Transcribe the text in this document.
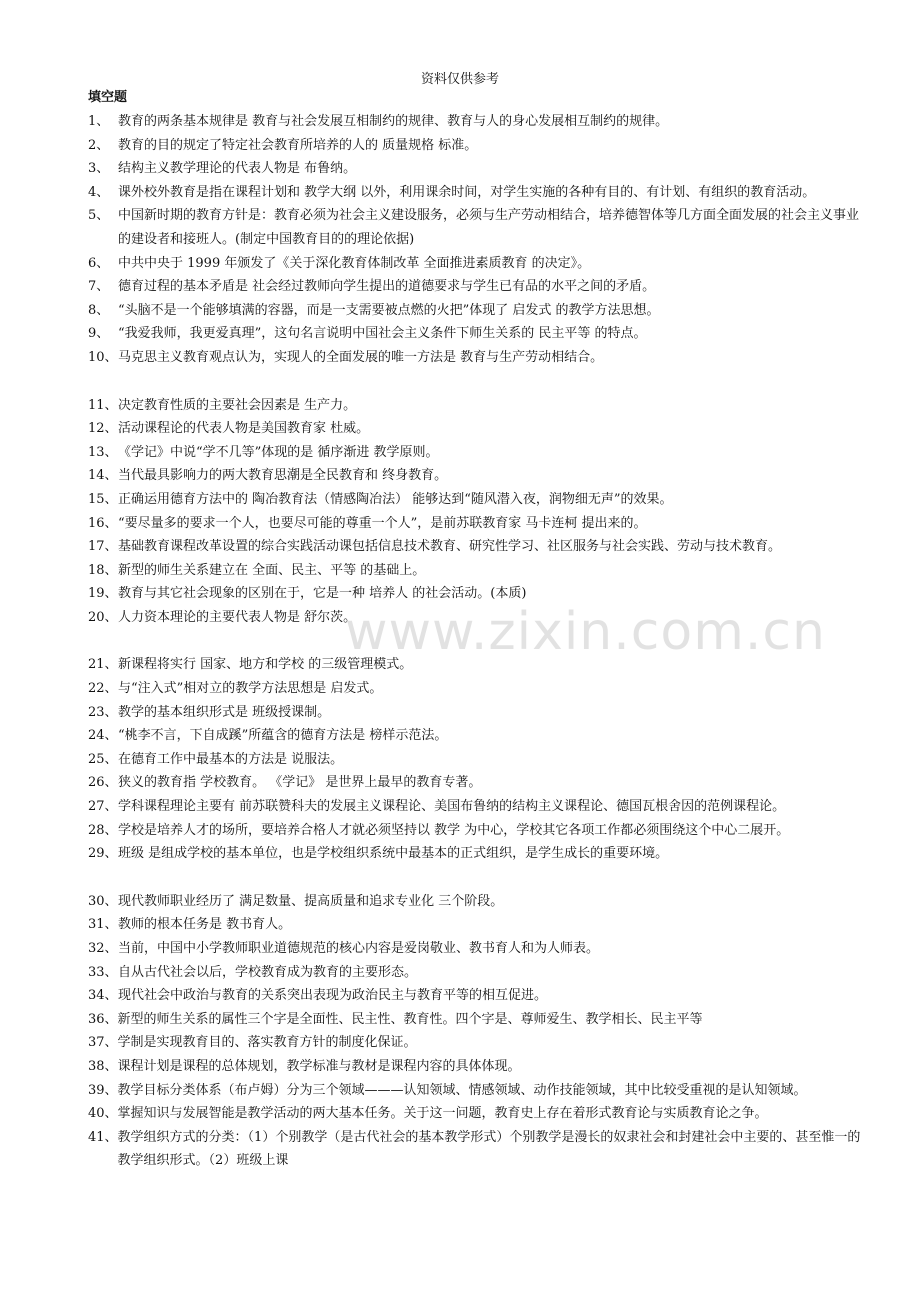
资料仅供参考
www.zixin.com.cn
填空题
1、 教育的两条基本规律是 教育与社会发展互相制约的规律、教育与人的身心发展相互制约的规律。
2、 教育的目的规定了特定社会教育所培养的人的 质量规格 标准。
3、 结构主义教学理论的代表人物是 布鲁纳。
4、 课外校外教育是指在课程计划和 教学大纲 以外，利用课余时间，对学生实施的各种有目的、有计划、有组织的教育活动。
5、 中国新时期的教育方针是：教育必须为社会主义建设服务，必须与生产劳动相结合，培养德智体等几方面全面发展的社会主义事业的建设者和接班人。(制定中国教育目的的理论依据)
6、 中共中央于 1999 年颁发了《关于深化教育体制改革 全面推进素质教育 的决定》。
7、 德育过程的基本矛盾是 社会经过教师向学生提出的道德要求与学生已有品的水平之间的矛盾。
8、 “头脑不是一个能够填满的容器，而是一支需要被点燃的火把”体现了 启发式 的教学方法思想。
9、 “我爱我师，我更爱真理”，这句名言说明中国社会主义条件下师生关系的 民主平等 的特点。
10、 马克思主义教育观点认为，实现人的全面发展的唯一方法是 教育与生产劳动相结合。
11、 决定教育性质的主要社会因素是 生产力。
12、 活动课程论的代表人物是美国教育家 杜威。
13、 《学记》中说“学不几等”体现的是 循序渐进 教学原则。
14、 当代最具影响力的两大教育思潮是全民教育和 终身教育。
15、 正确运用德育方法中的 陶冶教育法（情感陶冶法） 能够达到“随风潜入夜，润物细无声”的效果。
16、 “要尽量多的要求一个人，也要尽可能的尊重一个人”，是前苏联教育家 马卡连柯 提出来的。
17、 基础教育课程改革设置的综合实践活动课包括信息技术教育、研究性学习、社区服务与社会实践、劳动与技术教育。
18、 新型的师生关系建立在 全面、民主、平等 的基础上。
19、 教育与其它社会现象的区别在于，它是一种 培养人 的社会活动。(本质)
20、 人力资本理论的主要代表人物是 舒尔茨。
21、 新课程将实行 国家、地方和学校 的三级管理模式。
22、 与“注入式”相对立的教学方法思想是 启发式。
23、 教学的基本组织形式是 班级授课制。
24、 “桃李不言，下自成蹊”所蕴含的德育方法是 榜样示范法。
25、 在德育工作中最基本的方法是 说服法。
26、 狭义的教育指 学校教育。 《学记》 是世界上最早的教育专著。
27、 学科课程理论主要有 前苏联赞科夫的发展主义课程论、美国布鲁纳的结构主义课程论、德国瓦根舍因的范例课程论。
28、 学校是培养人才的场所，要培养合格人才就必须坚持以 教学 为中心，学校其它各项工作都必须围绕这个中心二展开。
29、 班级 是组成学校的基本单位，也是学校组织系统中最基本的正式组织，是学生成长的重要环境。
30、 现代教师职业经历了 满足数量、提高质量和追求专业化 三个阶段。
31、 教师的根本任务是 教书育人。
32、 当前，中国中小学教师职业道德规范的核心内容是爱岗敬业、教书育人和为人师表。
33、 自从古代社会以后，学校教育成为教育的主要形态。
34、 现代社会中政治与教育的关系突出表现为政治民主与教育平等的相互促进。
36、 新型的师生关系的属性三个字是全面性、民主性、教育性。四个字是、尊师爱生、教学相长、民主平等
37、 学制是实现教育目的、落实教育方针的制度化保证。
38、 课程计划是课程的总体规划，教学标准与教材是课程内容的具体体现。
39、 教学目标分类体系（布卢姆）分为三个领域———认知领域、情感领域、动作技能领域，其中比较受重视的是认知领域。
40、 掌握知识与发展智能是教学活动的两大基本任务。关于这一问题，教育史上存在着形式教育论与实质教育论之争。
41、 教学组织方式的分类：（1）个别教学（是古代社会的基本教学形式）个别教学是漫长的奴隶社会和封建社会中主要的、甚至惟一的教学组织形式。（2）班级上课
